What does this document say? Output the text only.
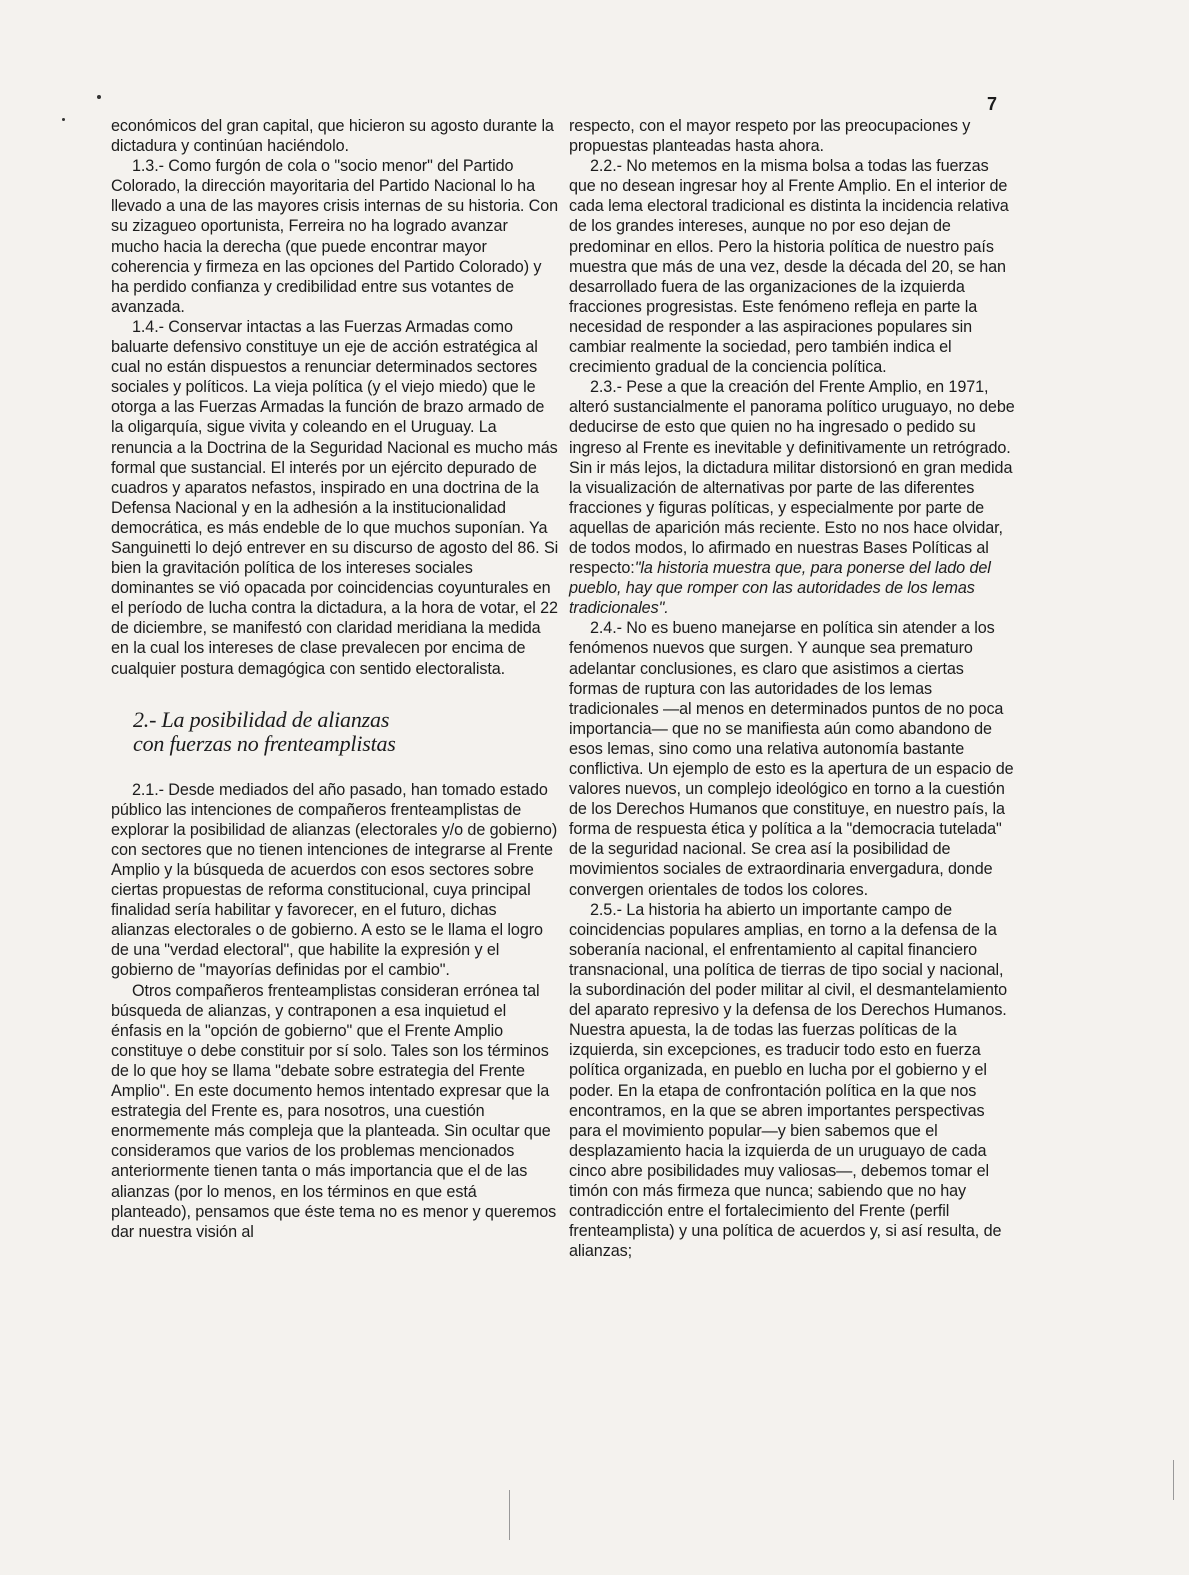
7

económicos del gran capital, que hicieron su agosto durante la dictadura y continúan haciéndolo.

1.3.- Como furgón de cola o "socio menor" del Partido Colorado, la dirección mayoritaria del Partido Nacional lo ha llevado a una de las mayores crisis internas de su historia. Con su zizagueo oportunista, Ferreira no ha logrado avanzar mucho hacia la derecha (que puede encontrar mayor coherencia y firmeza en las opciones del Partido Colorado) y ha perdido confianza y credibilidad entre sus votantes de avanzada.

1.4.- Conservar intactas a las Fuerzas Armadas como baluarte defensivo constituye un eje de acción estratégica al cual no están dispuestos a renunciar determinados sectores sociales y políticos. La vieja política (y el viejo miedo) que le otorga a las Fuerzas Armadas la función de brazo armado de la oligarquía, sigue vivita y coleando en el Uruguay. La renuncia a la Doctrina de la Seguridad Nacional es mucho más formal que sustancial. El interés por un ejército depurado de cuadros y aparatos nefastos, inspirado en una doctrina de la Defensa Nacional y en la adhesión a la institucionalidad democrática, es más endeble de lo que muchos suponían. Ya Sanguinetti lo dejó entrever en su discurso de agosto del 86. Si bien la gravitación política de los intereses sociales dominantes se vió opacada por coincidencias coyunturales en el período de lucha contra la dictadura, a la hora de votar, el 22 de diciembre, se manifestó con claridad meridiana la medida en la cual los intereses de clase prevalecen por encima de cualquier postura demagógica con sentido electoralista.

2.- La posibilidad de alianzas
con fuerzas no frenteamplistas

2.1.- Desde mediados del año pasado, han tomado estado público las intenciones de compañeros frenteamplistas de explorar la posibilidad de alianzas (electorales y/o de gobierno) con sectores que no tienen intenciones de integrarse al Frente Amplio y la búsqueda de acuerdos con esos sectores sobre ciertas propuestas de reforma constitucional, cuya principal finalidad sería habilitar y favorecer, en el futuro, dichas alianzas electorales o de gobierno. A esto se le llama el logro de una "verdad electoral", que habilite la expresión y el gobierno de "mayorías definidas por el cambio".

Otros compañeros frenteamplistas consideran errónea tal búsqueda de alianzas, y contraponen a esa inquietud el énfasis en la "opción de gobierno" que el Frente Amplio constituye o debe constituir por sí solo. Tales son los términos de lo que hoy se llama "debate sobre estrategia del Frente Amplio". En este documento hemos intentado expresar que la estrategia del Frente es, para nosotros, una cuestión enormemente más compleja que la planteada. Sin ocultar que consideramos que varios de los problemas mencionados anteriormente tienen tanta o más importancia que el de las alianzas (por lo menos, en los términos en que está planteado), pensamos que éste tema no es menor y queremos dar nuestra visión al

respecto, con el mayor respeto por las preocupaciones y propuestas planteadas hasta ahora.

2.2.- No metemos en la misma bolsa a todas las fuerzas que no desean ingresar hoy al Frente Amplio. En el interior de cada lema electoral tradicional es distinta la incidencia relativa de los grandes intereses, aunque no por eso dejan de predominar en ellos. Pero la historia política de nuestro país muestra que más de una vez, desde la década del 20, se han desarrollado fuera de las organizaciones de la izquierda fracciones progresistas. Este fenómeno refleja en parte la necesidad de responder a las aspiraciones populares sin cambiar realmente la sociedad, pero también indica el crecimiento gradual de la conciencia política.

2.3.- Pese a que la creación del Frente Amplio, en 1971, alteró sustancialmente el panorama político uruguayo, no debe deducirse de esto que quien no ha ingresado o pedido su ingreso al Frente es inevitable y definitivamente un retrógrado. Sin ir más lejos, la dictadura militar distorsionó en gran medida la visualización de alternativas por parte de las diferentes fracciones y figuras políticas, y especialmente por parte de aquellas de aparición más reciente. Esto no nos hace olvidar, de todos modos, lo afirmado en nuestras Bases Políticas al respecto:"la historia muestra que, para ponerse del lado del pueblo, hay que romper con las autoridades de los lemas tradicionales".

2.4.- No es bueno manejarse en política sin atender a los fenómenos nuevos que surgen. Y aunque sea prematuro adelantar conclusiones, es claro que asistimos a ciertas formas de ruptura con las autoridades de los lemas tradicionales —al menos en determinados puntos de no poca importancia— que no se manifiesta aún como abandono de esos lemas, sino como una relativa autonomía bastante conflictiva. Un ejemplo de esto es la apertura de un espacio de valores nuevos, un complejo ideológico en torno a la cuestión de los Derechos Humanos que constituye, en nuestro país, la forma de respuesta ética y política a la "democracia tutelada" de la seguridad nacional. Se crea así la posibilidad de movimientos sociales de extraordinaria envergadura, donde convergen orientales de todos los colores.

2.5.- La historia ha abierto un importante campo de coincidencias populares amplias, en torno a la defensa de la soberanía nacional, el enfrentamiento al capital financiero transnacional, una política de tierras de tipo social y nacional, la subordinación del poder militar al civil, el desmantelamiento del aparato represivo y la defensa de los Derechos Humanos. Nuestra apuesta, la de todas las fuerzas políticas de la izquierda, sin excepciones, es traducir todo esto en fuerza política organizada, en pueblo en lucha por el gobierno y el poder. En la etapa de confrontación política en la que nos encontramos, en la que se abren importantes perspectivas para el movimiento popular—y bien sabemos que el desplazamiento hacia la izquierda de un uruguayo de cada cinco abre posibilidades muy valiosas—, debemos tomar el timón con más firmeza que nunca; sabiendo que no hay contradicción entre el fortalecimiento del Frente (perfil frenteamplista) y una política de acuerdos y, si así resulta, de alianzas;
